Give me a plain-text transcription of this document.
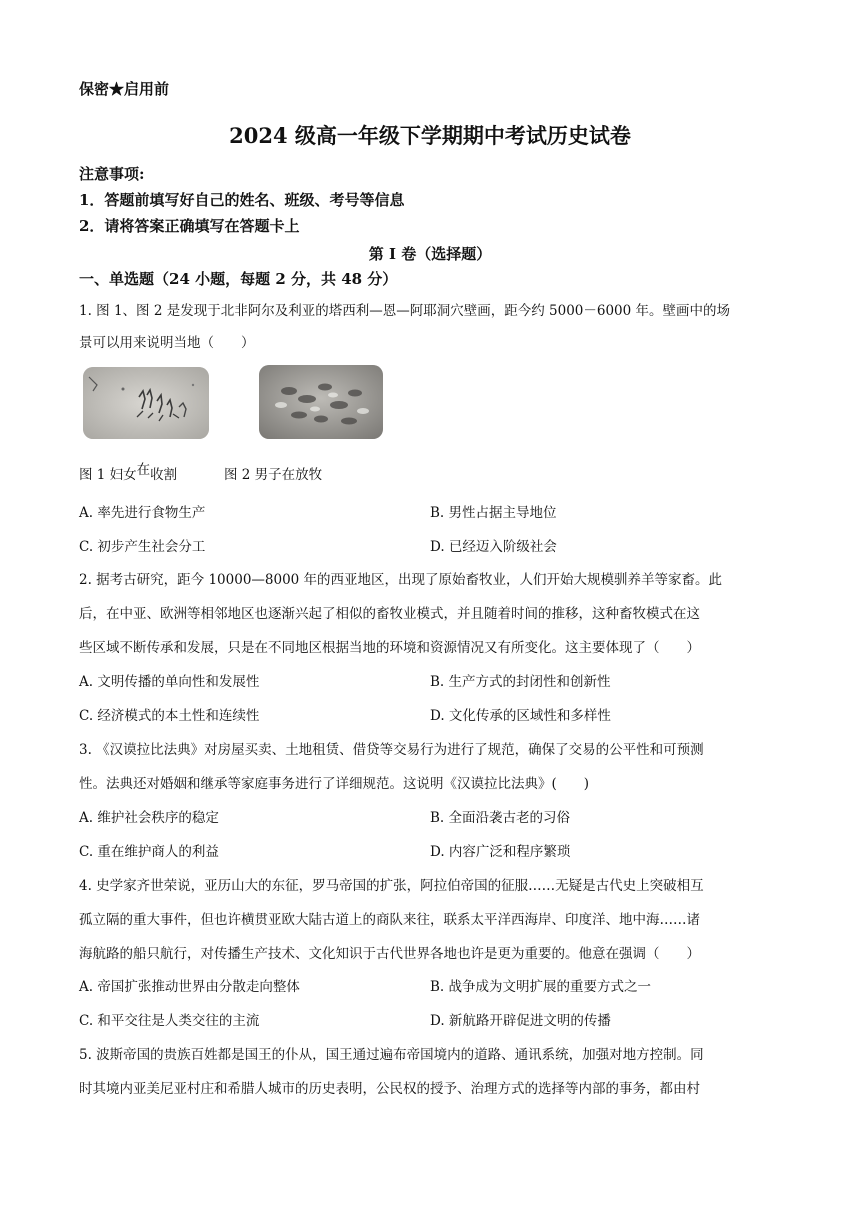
保密★启用前
2024 级高一年级下学期期中考试历史试卷
注意事项:
1．答题前填写好自己的姓名、班级、考号等信息
2．请将答案正确填写在答题卡上
第 I 卷（选择题）
一、单选题（24 小题，每题 2 分，共 48 分）
1. 图 1、图 2 是发现于北非阿尔及利亚的塔西利—恩—阿耶洞穴壁画，距今约 5000－6000 年。壁画中的场
景可以用来说明当地（　　）
图 1 妇女在收割	图 2 男子在放牧
A. 率先进行食物生产	B. 男性占据主导地位
C. 初步产生社会分工	D. 已经迈入阶级社会
2. 据考古研究，距今 10000—8000 年的西亚地区，出现了原始畜牧业，人们开始大规模驯养羊等家畜。此
后，在中亚、欧洲等相邻地区也逐渐兴起了相似的畜牧业模式，并且随着时间的推移，这种畜牧模式在这
些区域不断传承和发展，只是在不同地区根据当地的环境和资源情况又有所变化。这主要体现了（　　）
A. 文明传播的单向性和发展性	B. 生产方式的封闭性和创新性
C. 经济模式的本土性和连续性	D. 文化传承的区域性和多样性
3. 《汉谟拉比法典》对房屋买卖、土地租赁、借贷等交易行为进行了规范，确保了交易的公平性和可预测
性。法典还对婚姻和继承等家庭事务进行了详细规范。这说明《汉谟拉比法典》(　　)
A. 维护社会秩序的稳定	B. 全面沿袭古老的习俗
C. 重在维护商人的利益	D. 内容广泛和程序繁琐
4. 史学家齐世荣说，亚历山大的东征，罗马帝国的扩张，阿拉伯帝国的征服……无疑是古代史上突破相互
孤立隔的重大事件，但也许横贯亚欧大陆古道上的商队来往，联系太平洋西海岸、印度洋、地中海……诸
海航路的船只航行，对传播生产技术、文化知识于古代世界各地也许是更为重要的。他意在强调（　　）
A. 帝国扩张推动世界由分散走向整体	B. 战争成为文明扩展的重要方式之一
C. 和平交往是人类交往的主流	D. 新航路开辟促进文明的传播
5. 波斯帝国的贵族百姓都是国王的仆从，国王通过遍布帝国境内的道路、通讯系统，加强对地方控制。同
时其境内亚美尼亚村庄和希腊人城市的历史表明，公民权的授予、治理方式的选择等内部的事务，都由村
